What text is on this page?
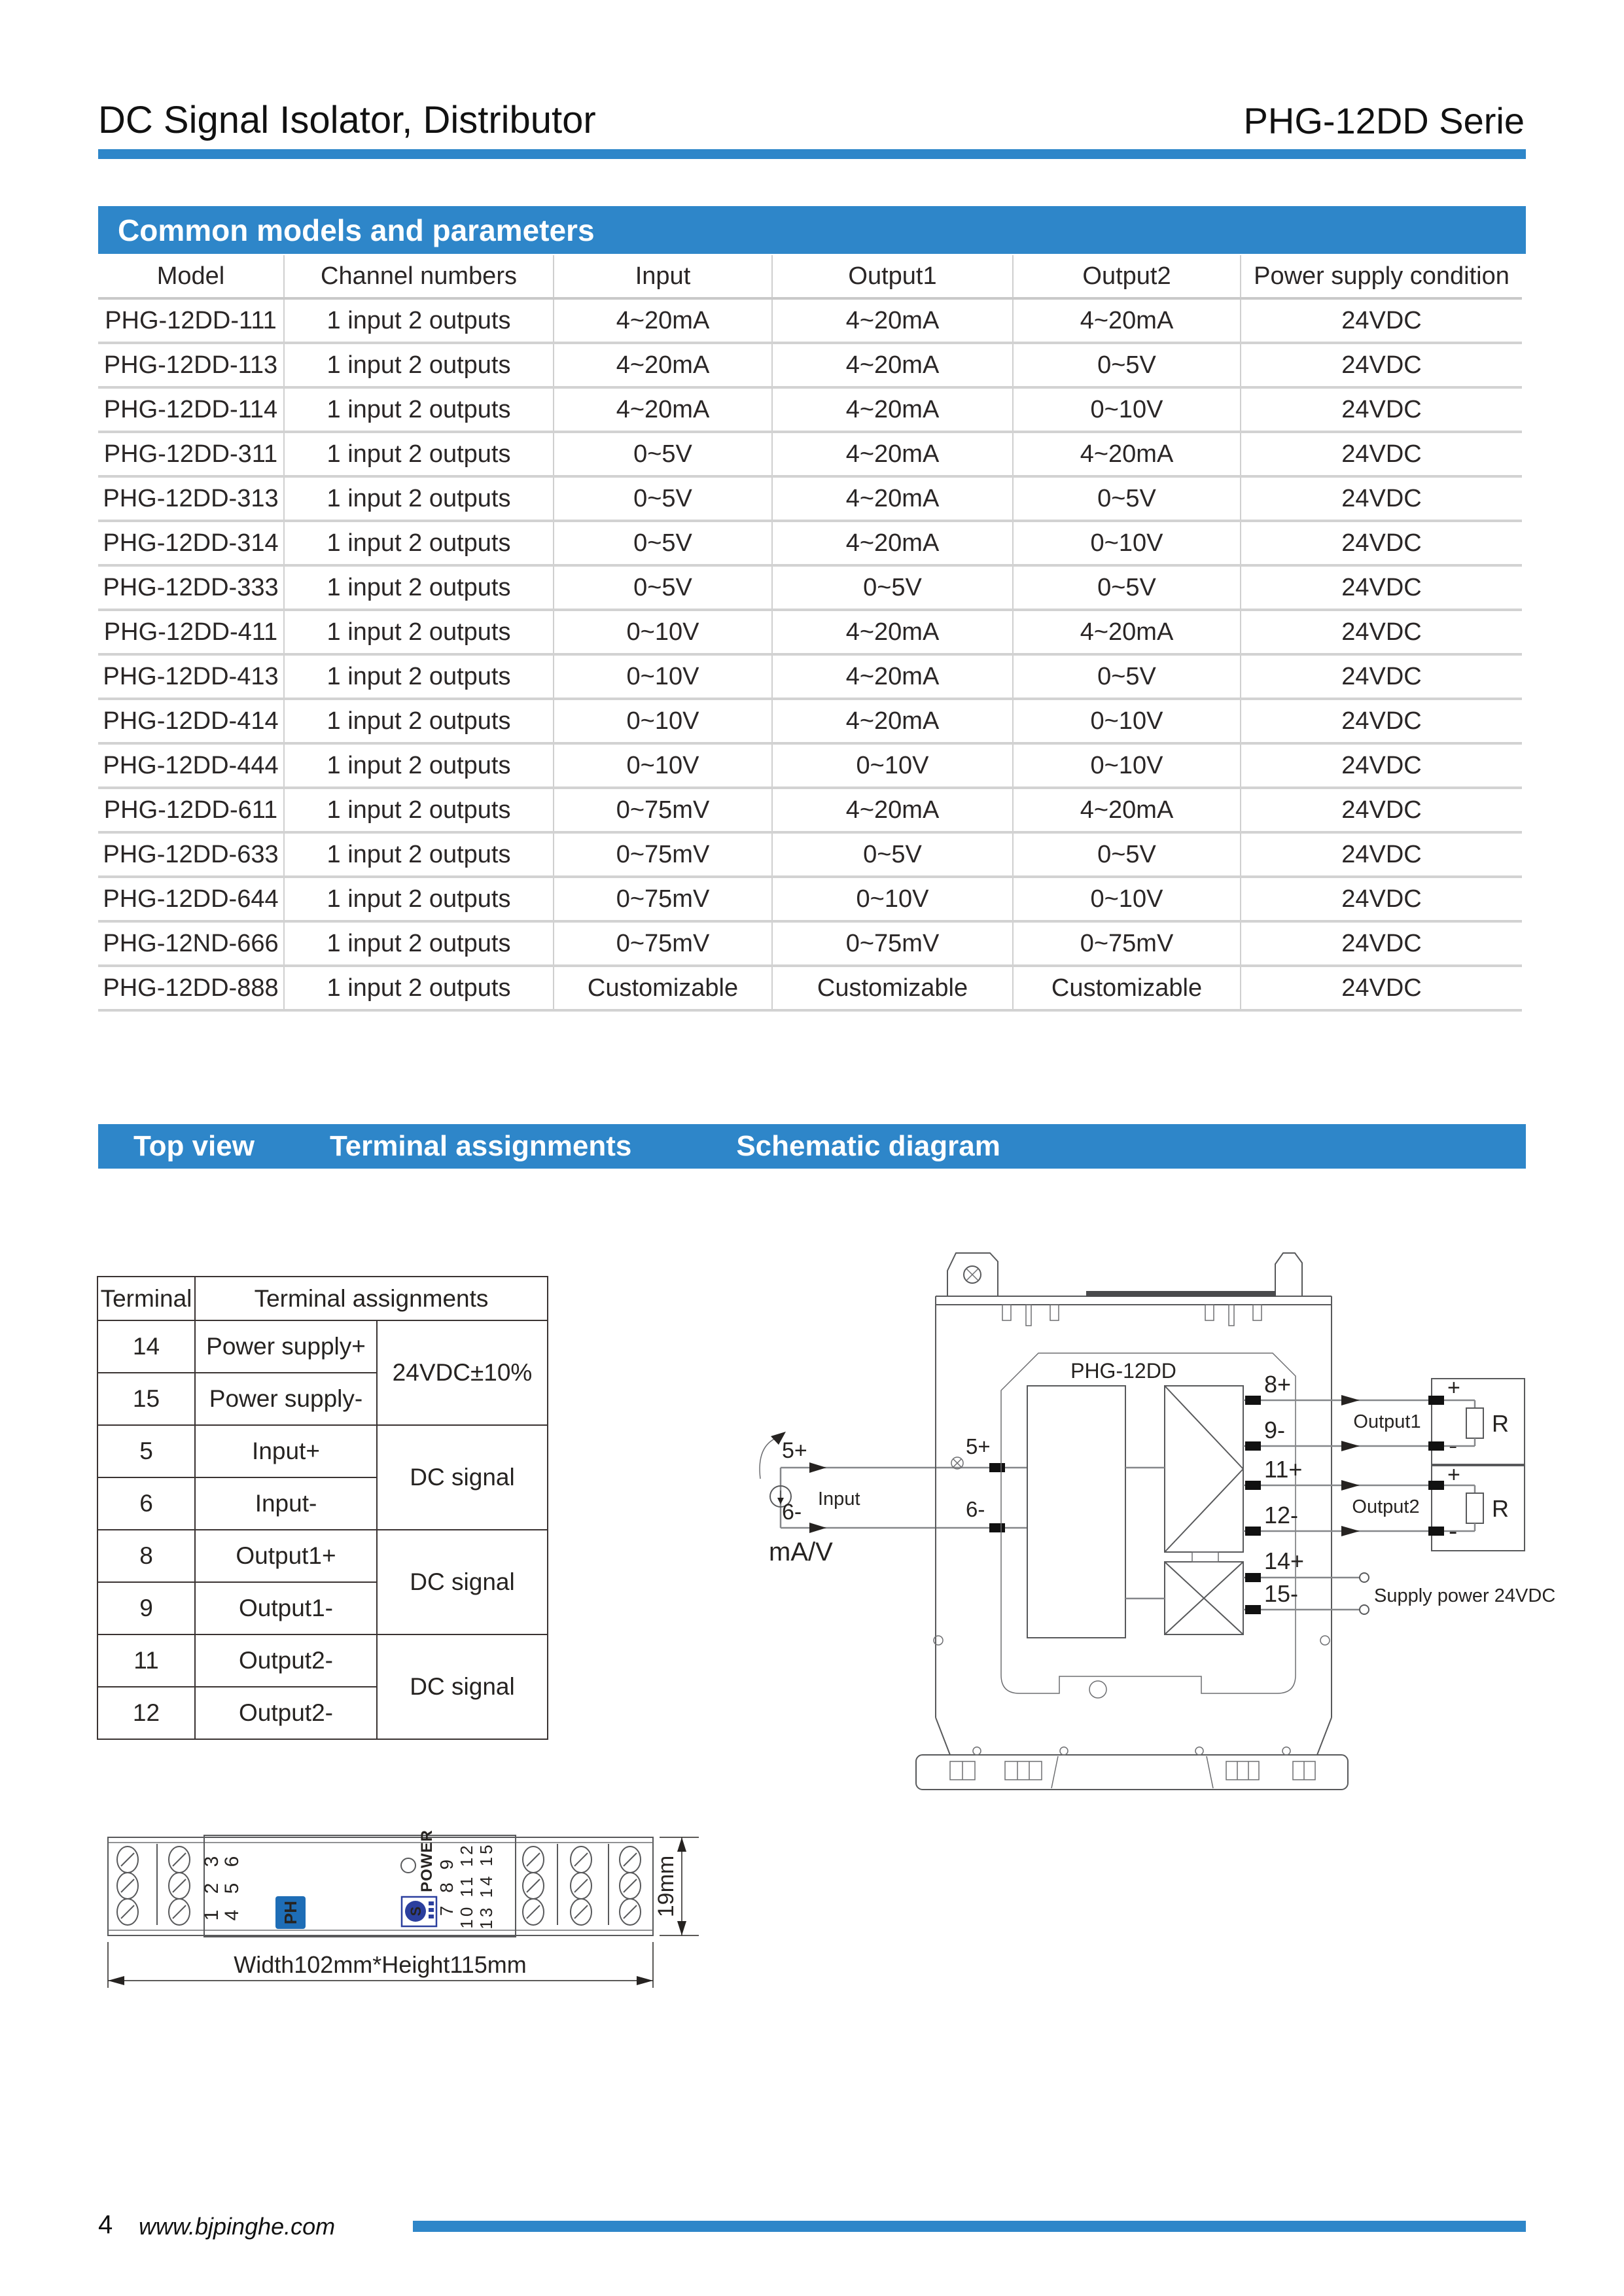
DC Signal Isolator, Distributor	PHG-12DD Serie
Common models and parameters
Model	Channel numbers	Input	Output1	Output2	Power supply condition
PHG-12DD-111	1 input 2 outputs	4~20mA	4~20mA	4~20mA	24VDC
PHG-12DD-113	1 input 2 outputs	4~20mA	4~20mA	0~5V	24VDC
PHG-12DD-114	1 input 2 outputs	4~20mA	4~20mA	0~10V	24VDC
PHG-12DD-311	1 input 2 outputs	0~5V	4~20mA	4~20mA	24VDC
PHG-12DD-313	1 input 2 outputs	0~5V	4~20mA	0~5V	24VDC
PHG-12DD-314	1 input 2 outputs	0~5V	4~20mA	0~10V	24VDC
PHG-12DD-333	1 input 2 outputs	0~5V	0~5V	0~5V	24VDC
PHG-12DD-411	1 input 2 outputs	0~10V	4~20mA	4~20mA	24VDC
PHG-12DD-413	1 input 2 outputs	0~10V	4~20mA	0~5V	24VDC
PHG-12DD-414	1 input 2 outputs	0~10V	4~20mA	0~10V	24VDC
PHG-12DD-444	1 input 2 outputs	0~10V	0~10V	0~10V	24VDC
PHG-12DD-611	1 input 2 outputs	0~75mV	4~20mA	4~20mA	24VDC
PHG-12DD-633	1 input 2 outputs	0~75mV	0~5V	0~5V	24VDC
PHG-12DD-644	1 input 2 outputs	0~75mV	0~10V	0~10V	24VDC
PHG-12ND-666	1 input 2 outputs	0~75mV	0~75mV	0~75mV	24VDC
PHG-12DD-888	1 input 2 outputs	Customizable	Customizable	Customizable	24VDC
Top view	Terminal assignments	Schematic diagram
Terminal	Terminal assignments	
14	Power supply+	24VDC±10%
15	Power supply-	
5	Input+	DC signal
6	Input-	
8	Output1+	DC signal
9	Output1-	
11	Output2-	DC signal
12	Output2-	
5+
6-
Input
mA/V
5+
6-
PHG-12DD	8+
9-
11+
12-
14+
15-
Output1
Output2
Supply power 24VDC
+
-
+
-
R
R
1 2 3
4 5 6 PH
POWER
S 7 8 9 10 11 12 13 14 15	19mm
Width102mm*Height115mm
4 www.bjpinghe.com
